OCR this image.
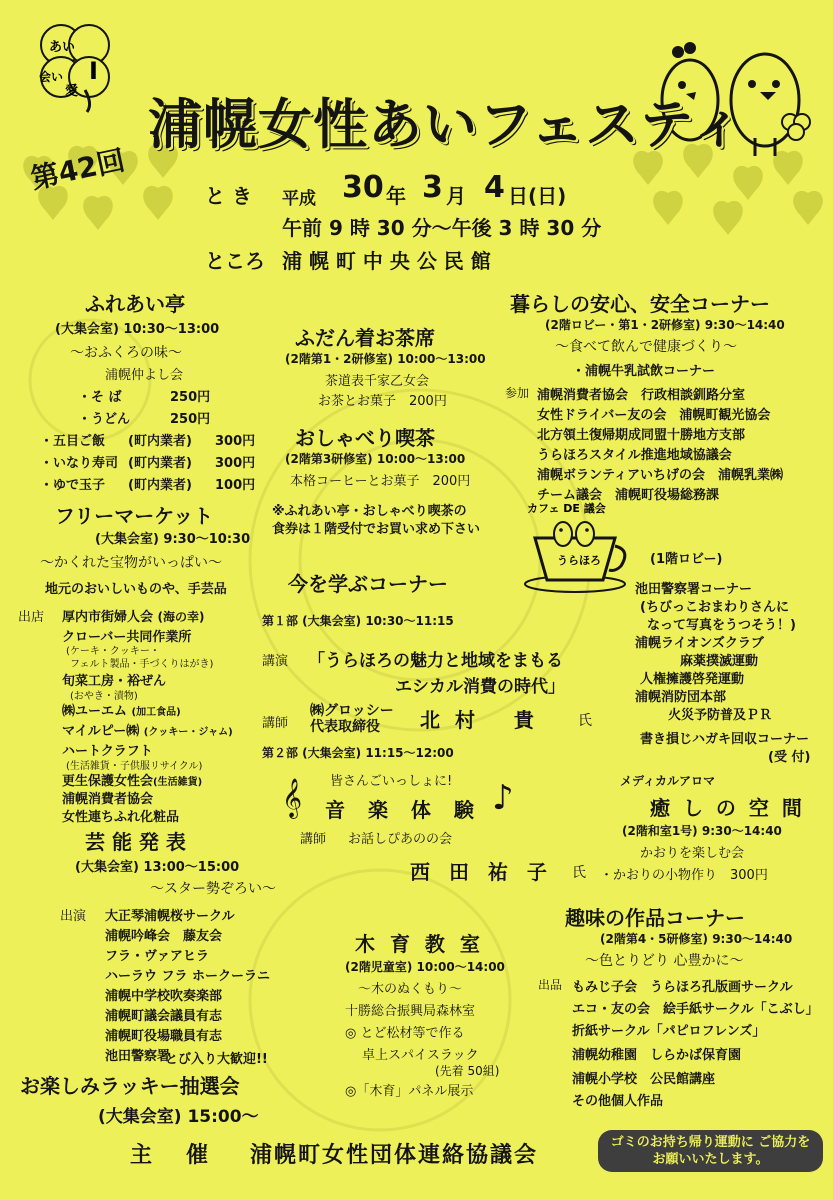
あい
会い
愛
I
第42回
浦幌女性あいフェスティ
と き 平成 30 年 3 月 4 日(日)
午前 9 時 30 分～午後 3 時 30 分
ところ 浦 幌 町 中 央 公 民 館
ふれあい亭
(大集会室) 10:30～13:00
～おふくろの味～
浦幌仲よし会
・そ ば	250円
・うどん	250円
・五目ご飯 (町内業者) 300円
・いなり寿司 (町内業者) 300円
・ゆで玉子 (町内業者) 100円
フリーマーケット
(大集会室) 9:30～10:30
～かくれた宝物がいっぱい～
地元のおいしいものや、手芸品
出店 厚内市街婦人会 (海の幸)
クローバー共同作業所
(ケーキ・クッキー・
フェルト製品・手づくりはがき)
旬菜工房・裕ぜん
(おやき・漬物)
㈱ユーエム (加工食品)
マイルピー㈱ (クッキー・ジャム)
ハートクラフト
(生活雑貨・子供服リサイクル)
更生保護女性会(生活雑貨)
浦幌消費者協会
女性連ちふれ化粧品
芸 能 発 表
(大集会室) 13:00～15:00
～スター勢ぞろい～
出演 大正琴浦幌桜サークル
浦幌吟峰会　藤友会
フラ・ヴァアヒラ
ハーラウ フラ ホークーラニ
浦幌中学校吹奏楽部
浦幌町議会議員有志
浦幌町役場職員有志
池田警察署
とび入り大歓迎!!
お楽しみラッキー抽選会
(大集会室) 15:00～
ふだん着お茶席
(2階第1・2研修室) 10:00～13:00
茶道表千家乙女会
お茶とお菓子　200円
おしゃべり喫茶
(2階第3研修室) 10:00～13:00
本格コーヒーとお菓子　200円
※ふれあい亭・おしゃべり喫茶の
食券は１階受付でお買い求め下さい
今を学ぶコーナー
第１部 (大集会室) 10:30～11:15
講演 「うらほろの魅力と地域をまもる
エシカル消費の時代」
講師
㈱グロッシー
代表取締役 北 村　 貴	氏
第２部 (大集会室) 11:15～12:00
皆さんごいっしょに!
𝄞 音 楽 体 験 ♪
講師 お話しぴあのの会
西 田 祐 子 氏
木 育 教 室
(2階児童室) 10:00～14:00
～木のぬくもり～
十勝総合振興局森林室
◎ とど松材等で作る
卓上スパイスラック
(先着 50組)
◎「木育」パネル展示
暮らしの安心、安全コーナー
(2階ロビー・第1・2研修室) 9:30～14:40
～食べて飲んで健康づくり～
・浦幌牛乳試飲コーナー
参加 浦幌消費者協会　行政相談釧路分室
女性ドライバー友の会　浦幌町観光協会
北方領土復帰期成同盟十勝地方支部
うらほろスタイル推進地域協議会
浦幌ボランティアいちげの会　浦幌乳業㈱
チーム議会　浦幌町役場総務課
カフェ DE 議会
うらほろ	(1階ロビー)
池田警察署コーナー
(ちびっこおまわりさんに
なって写真をうつそう！)
浦幌ライオンズクラブ
麻薬撲滅運動
人権擁護啓発運動
浦幌消防団本部
火災予防普及ＰＲ
書き損じハガキ回収コーナー
(受 付)
メディカルアロマ
癒 し の 空 間
(2階和室1号) 9:30～14:40
かおりを楽しむ会
・かおりの小物作り　300円
趣味の作品コーナー
(2階第4・5研修室) 9:30～14:40
～色とりどり 心豊かに～
出品 もみじ子会　うらほろ孔版画サークル
エコ・友の会　絵手紙サークル「こぶし」
折紙サークル「パピロフレンズ」
浦幌幼稚園　しらかば保育園
浦幌小学校　公民館講座
その他個人作品
主　催 浦幌町女性団体連絡協議会
ゴミのお持ち帰り運動に ご協力をお願いいたします。
